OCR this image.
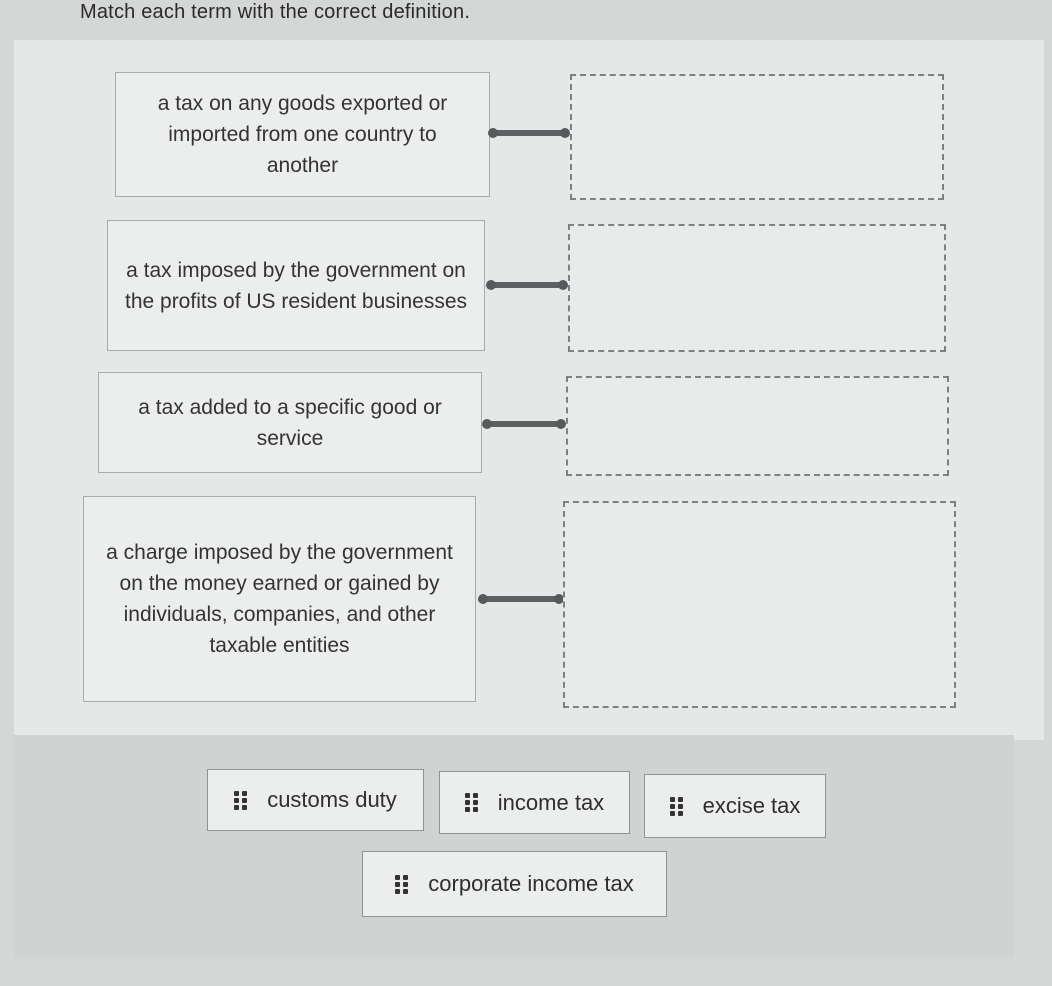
Match each term with the correct definition.
a tax on any goods exported or imported from one country to another
a tax imposed by the government on the profits of US resident businesses
a tax added to a specific good or service
a charge imposed by the government on the money earned or gained by individuals, companies, and other taxable entities
customs duty	income tax	excise tax
corporate income tax
